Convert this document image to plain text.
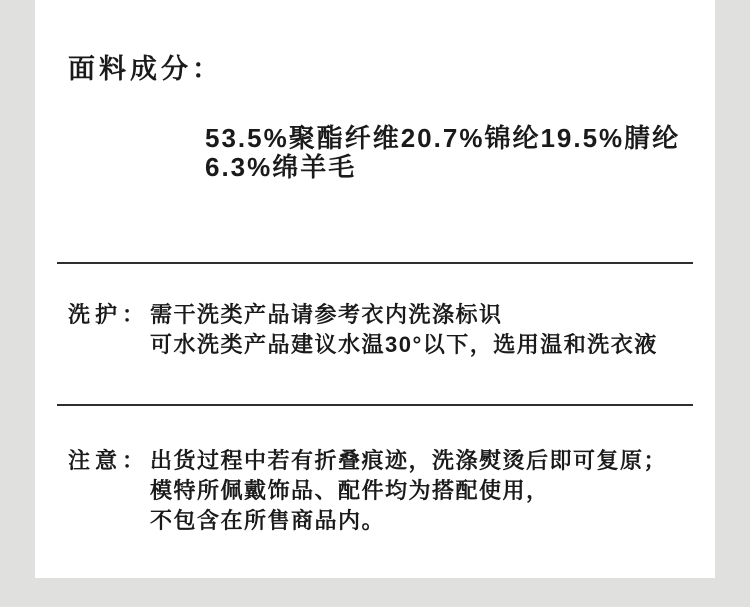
面料成分：
53.5%聚酯纤维20.7%锦纶19.5%腈纶
6.3%绵羊毛
洗护： 需干洗类产品请参考衣内洗涤标识
可水洗类产品建议水温30°以下，选用温和洗衣液
注意： 出货过程中若有折叠痕迹，洗涤熨烫后即可复原；
模特所佩戴饰品、配件均为搭配使用，
不包含在所售商品内。
